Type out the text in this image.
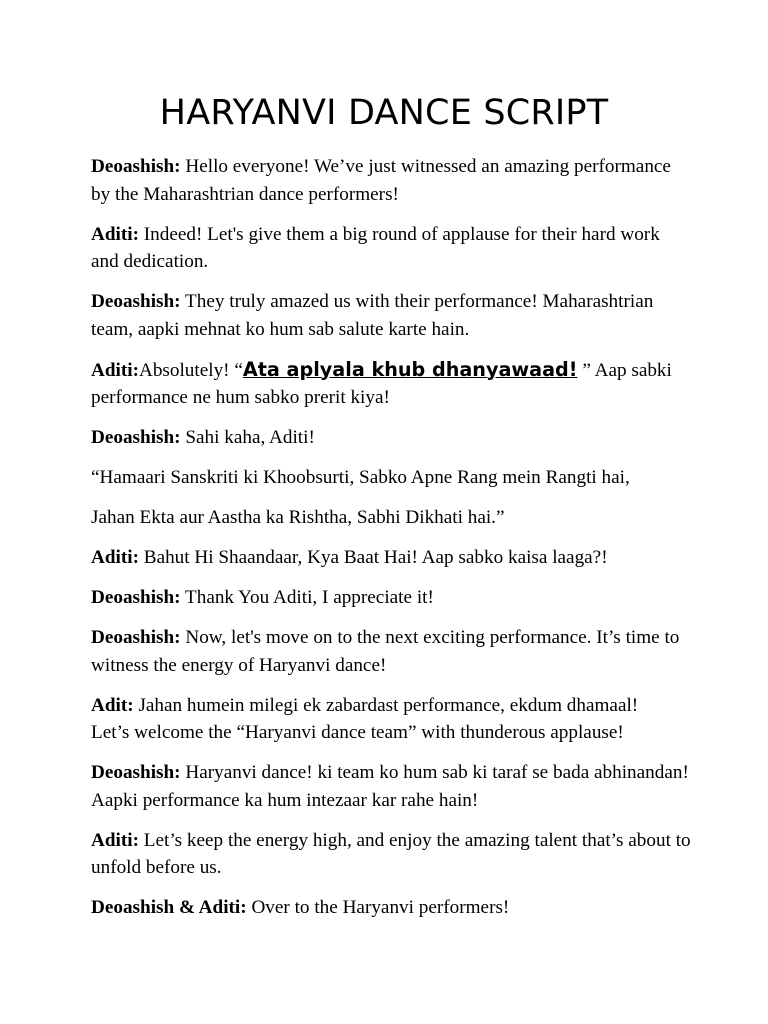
HARYANVI DANCE SCRIPT

Deoashish: Hello everyone! We’ve just witnessed an amazing performance by the Maharashtrian dance performers!

Aditi: Indeed! Let's give them a big round of applause for their hard work and dedication.

Deoashish: They truly amazed us with their performance! Maharashtrian team, aapki mehnat ko hum sab salute karte hain.

Aditi:Absolutely! “Ata aplyala khub dhanyawaad! ” Aap sabki performance ne hum sabko prerit kiya!

Deoashish: Sahi kaha, Aditi!

“Hamaari Sanskriti ki Khoobsurti, Sabko Apne Rang mein Rangti hai,

Jahan Ekta aur Aastha ka Rishtha, Sabhi Dikhati hai.”

Aditi: Bahut Hi Shaandaar, Kya Baat Hai! Aap sabko kaisa laaga?!

Deoashish: Thank You Aditi, I appreciate it!

Deoashish: Now, let's move on to the next exciting performance. It’s time to witness the energy of Haryanvi dance!

Adit: Jahan humein milegi ek zabardast performance, ekdum dhamaal!
Let’s welcome the “Haryanvi dance team” with thunderous applause!

Deoashish: Haryanvi dance! ki team ko hum sab ki taraf se bada abhinandan! Aapki performance ka hum intezaar kar rahe hain!

Aditi: Let’s keep the energy high, and enjoy the amazing talent that’s about to unfold before us.

Deoashish & Aditi: Over to the Haryanvi performers!
